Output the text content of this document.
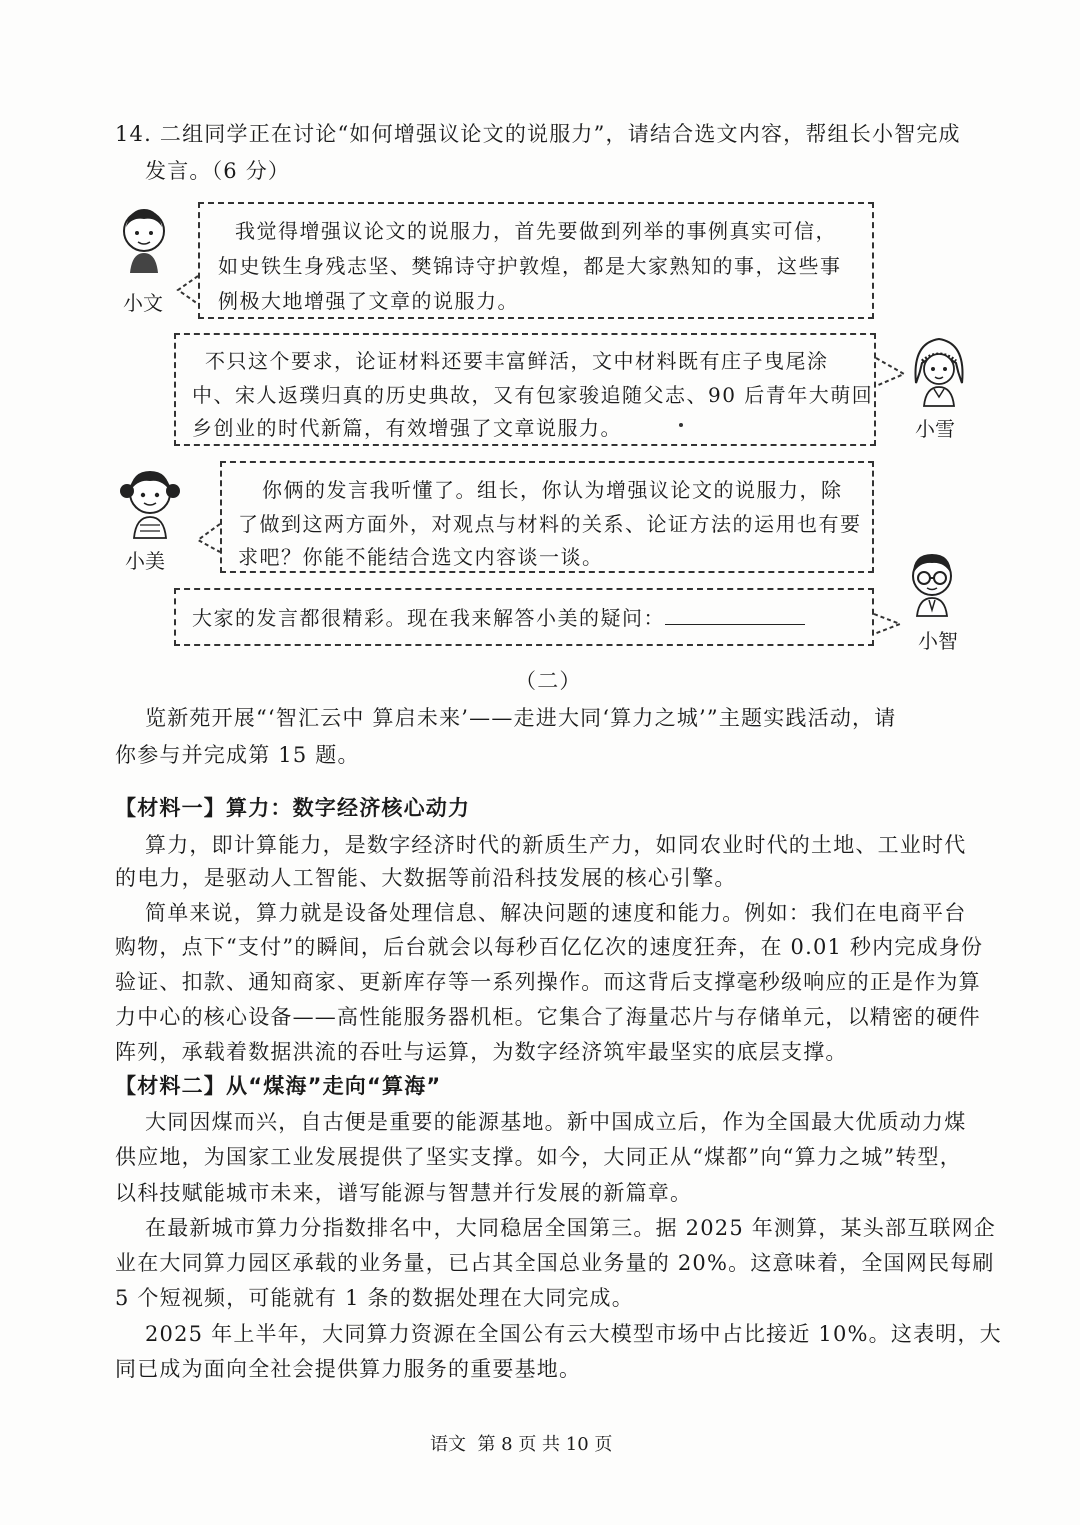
14. 二组同学正在讨论“如何增强议论文的说服力”，请结合选文内容，帮组长小智完成
发言。（6 分）
小文
我觉得增强议论文的说服力，首先要做到列举的事例真实可信，
如史铁生身残志坚、樊锦诗守护敦煌，都是大家熟知的事，这些事
例极大地增强了文章的说服力。
不只这个要求，论证材料还要丰富鲜活，文中材料既有庄子曳尾涂
中、宋人返璞归真的历史典故，又有包家骏追随父志、90 后青年大萌回
乡创业的时代新篇，有效增强了文章说服力。	小雪
小美
你俩的发言我听懂了。组长，你认为增强议论文的说服力，除
了做到这两方面外，对观点与材料的关系、论证方法的运用也有要
求吧？你能不能结合选文内容谈一谈。
小智
大家的发言都很精彩。现在我来解答小美的疑问：
（二）
览新苑开展“‘智汇云中 算启未来’——走进大同‘算力之城’”主题实践活动，请
你参与并完成第 15 题。
【材料一】算力：数字经济核心动力
算力，即计算能力，是数字经济时代的新质生产力，如同农业时代的土地、工业时代
的电力，是驱动人工智能、大数据等前沿科技发展的核心引擎。
简单来说，算力就是设备处理信息、解决问题的速度和能力。例如：我们在电商平台
购物，点下“支付”的瞬间，后台就会以每秒百亿亿次的速度狂奔，在 0.01 秒内完成身份
验证、扣款、通知商家、更新库存等一系列操作。而这背后支撑毫秒级响应的正是作为算
力中心的核心设备——高性能服务器机柜。它集合了海量芯片与存储单元，以精密的硬件
阵列，承载着数据洪流的吞吐与运算，为数字经济筑牢最坚实的底层支撑。
【材料二】从“煤海”走向“算海”
大同因煤而兴，自古便是重要的能源基地。新中国成立后，作为全国最大优质动力煤
供应地，为国家工业发展提供了坚实支撑。如今，大同正从“煤都”向“算力之城”转型，
以科技赋能城市未来，谱写能源与智慧并行发展的新篇章。
在最新城市算力分指数排名中，大同稳居全国第三。据 2025 年测算，某头部互联网企
业在大同算力园区承载的业务量，已占其全国总业务量的 20%。这意味着，全国网民每刷
5 个短视频，可能就有 1 条的数据处理在大同完成。
2025 年上半年，大同算力资源在全国公有云大模型市场中占比接近 10%。这表明，大
同已成为面向全社会提供算力服务的重要基地。
语文  第 8 页 共 10 页
